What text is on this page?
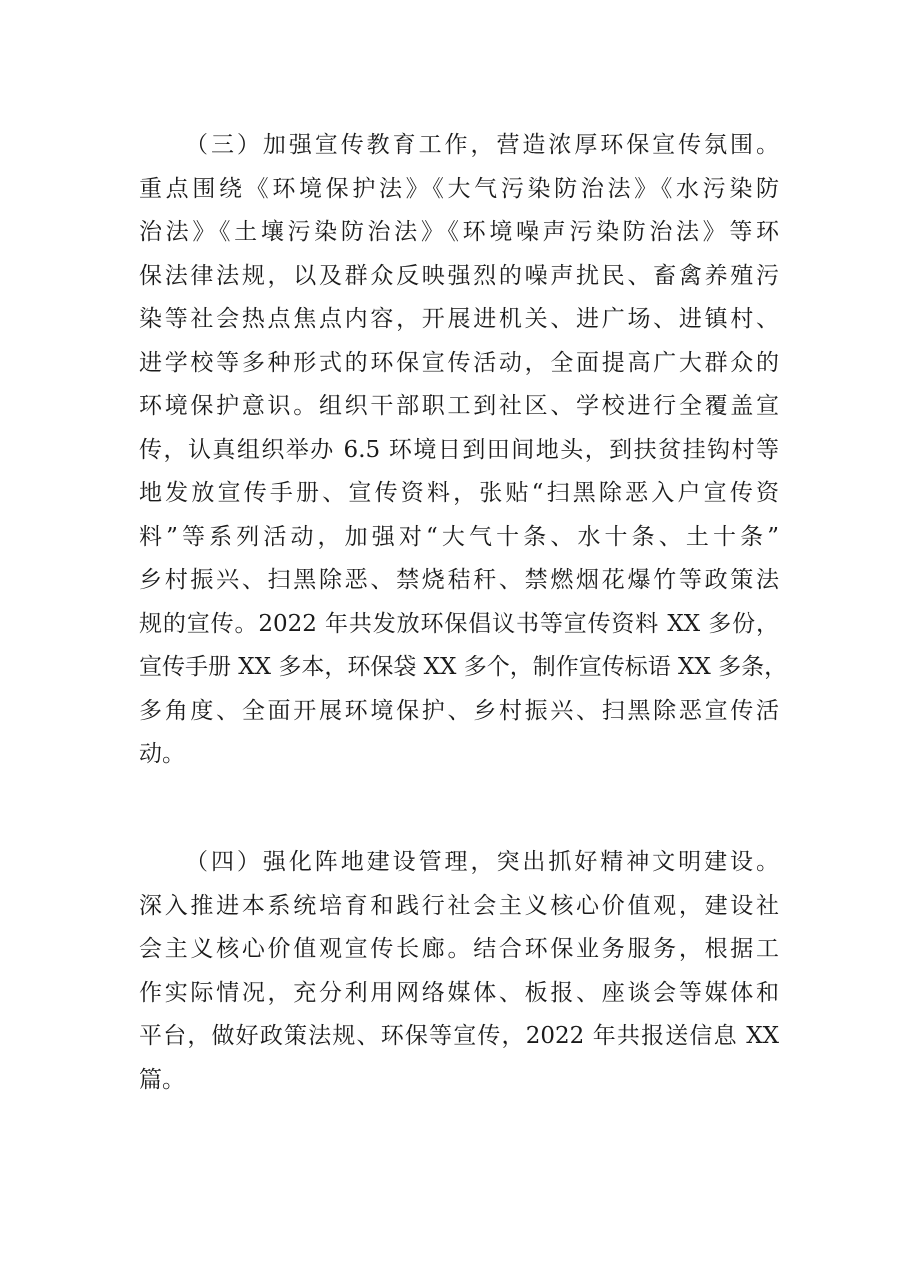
（三）加强宣传教育工作，营造浓厚环保宣传氛围。
重点围绕《环境保护法》《大气污染防治法》《水污染防
治法》《土壤污染防治法》《环境噪声污染防治法》等环
保法律法规，以及群众反映强烈的噪声扰民、畜禽养殖污
染等社会热点焦点内容，开展进机关、进广场、进镇村、
进学校等多种形式的环保宣传活动，全面提高广大群众的
环境保护意识。组织干部职工到社区、学校进行全覆盖宣
传，认真组织举办 6.5 环境日到田间地头，到扶贫挂钩村等
地发放宣传手册、宣传资料，张贴“扫黑除恶入户宣传资
料”等系列活动，加强对“大气十条、水十条、土十条”
乡村振兴、扫黑除恶、禁烧秸秆、禁燃烟花爆竹等政策法
规的宣传。2022 年共发放环保倡议书等宣传资料 XX 多份，
宣传手册 XX 多本，环保袋 XX 多个，制作宣传标语 XX 多条，
多角度、全面开展环境保护、乡村振兴、扫黑除恶宣传活
动。
（四）强化阵地建设管理，突出抓好精神文明建设。
深入推进本系统培育和践行社会主义核心价值观，建设社
会主义核心价值观宣传长廊。结合环保业务服务，根据工
作实际情况，充分利用网络媒体、板报、座谈会等媒体和
平台，做好政策法规、环保等宣传，2022 年共报送信息 XX
篇。
